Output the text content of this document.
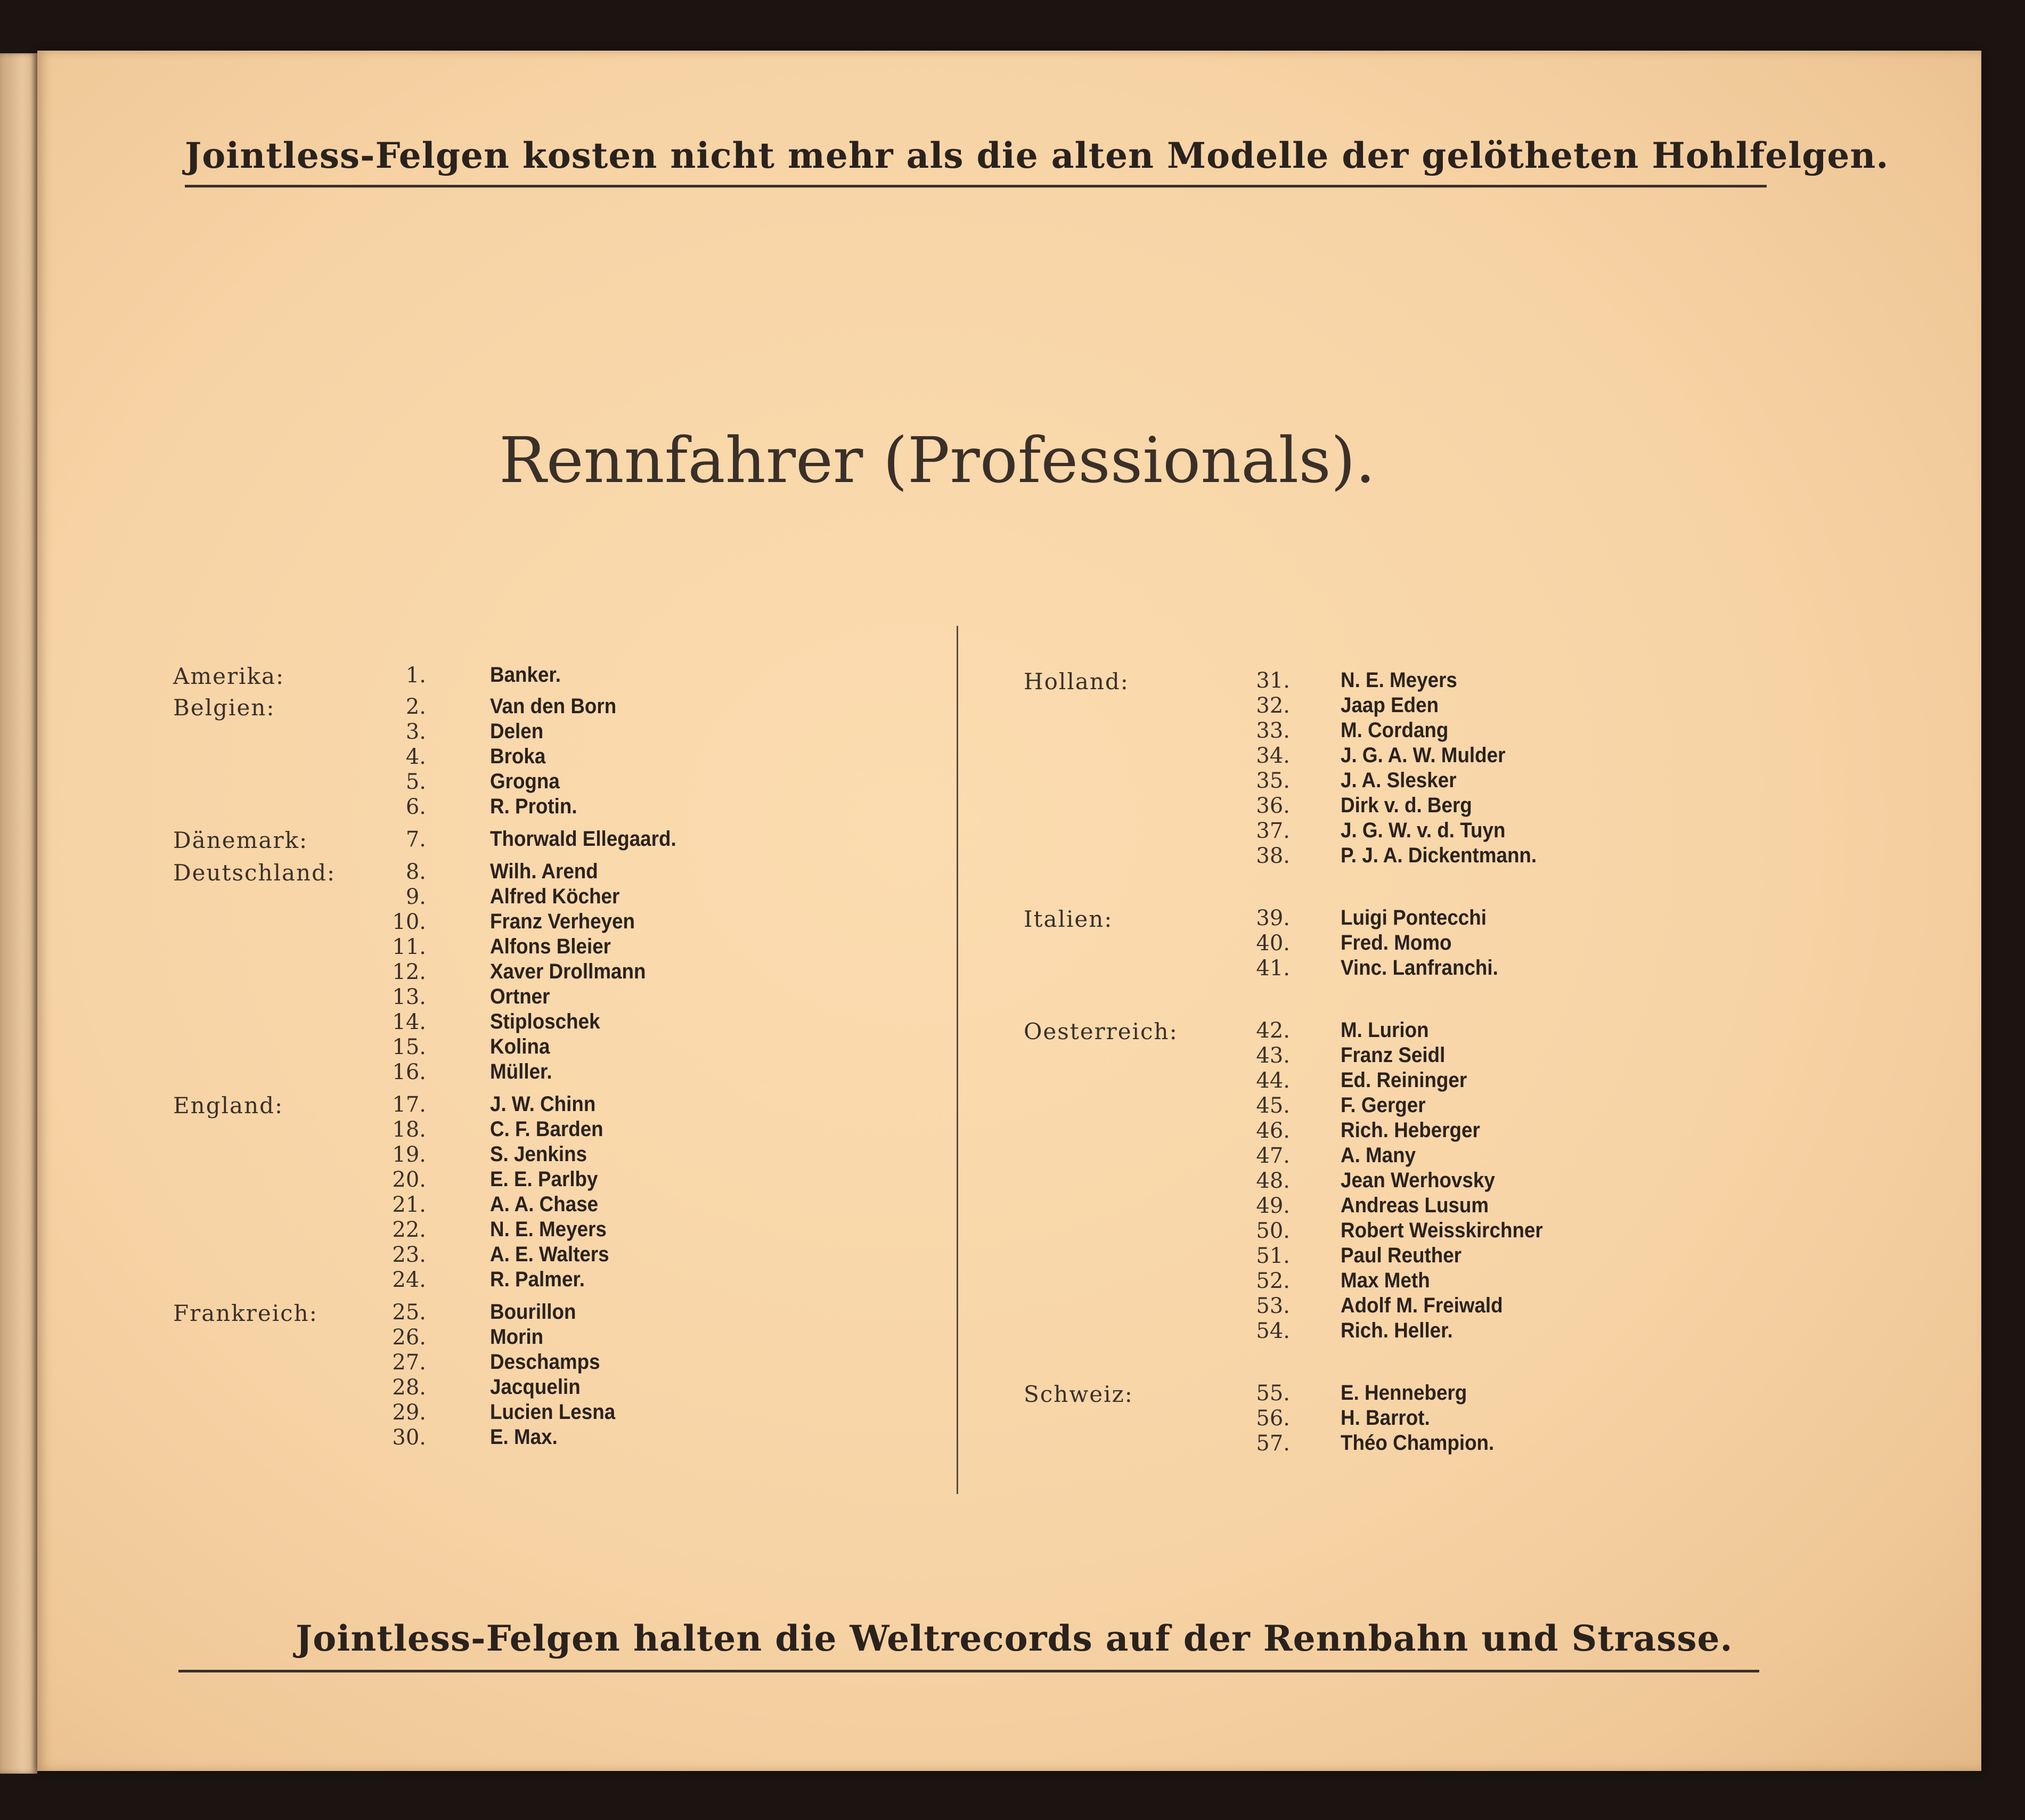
Jointless-Felgen kosten nicht mehr als die alten Modelle der gelötheten Hohlfelgen.
Rennfahrer (Professionals).
Amerika:	1.	Banker.
Belgien:	2.	Van den Born
3.	Delen
4.	Broka
5.	Grogna
6.	R. Protin.
Dänemark:	7.	Thorwald Ellegaard.
Deutschland:	8.	Wilh. Arend
9.	Alfred Köcher
10.	Franz Verheyen
11.	Alfons Bleier
12.	Xaver Drollmann
13.	Ortner
14.	Stiploschek
15.	Kolina
16.	Müller.
England:	17.	J. W. Chinn
18.	C. F. Barden
19.	S. Jenkins
20.	E. E. Parlby
21.	A. A. Chase
22.	N. E. Meyers
23.	A. E. Walters
24.	R. Palmer.
Frankreich:	25.	Bourillon
26.	Morin
27.	Deschamps
28.	Jacquelin
29.	Lucien Lesna
30.	E. Max.
Holland:	31. N. E. Meyers
32. Jaap Eden
33. M. Cordang
34. J. G. A. W. Mulder
35. J. A. Slesker
36. Dirk v. d. Berg
37. J. G. W. v. d. Tuyn
38. P. J. A. Dickentmann.
Italien:	39. Luigi Pontecchi
40. Fred. Momo
41. Vinc. Lanfranchi.
Oesterreich:	42. M. Lurion
43. Franz Seidl
44. Ed. Reininger
45. F. Gerger
46. Rich. Heberger
47. A. Many
48. Jean Werhovsky
49. Andreas Lusum
50. Robert Weisskirchner
51. Paul Reuther
52. Max Meth
53. Adolf M. Freiwald
54. Rich. Heller.
Schweiz:	55. E. Henneberg
56. H. Barrot.
57. Théo Champion.
Jointless-Felgen halten die Weltrecords auf der Rennbahn und Strasse.
